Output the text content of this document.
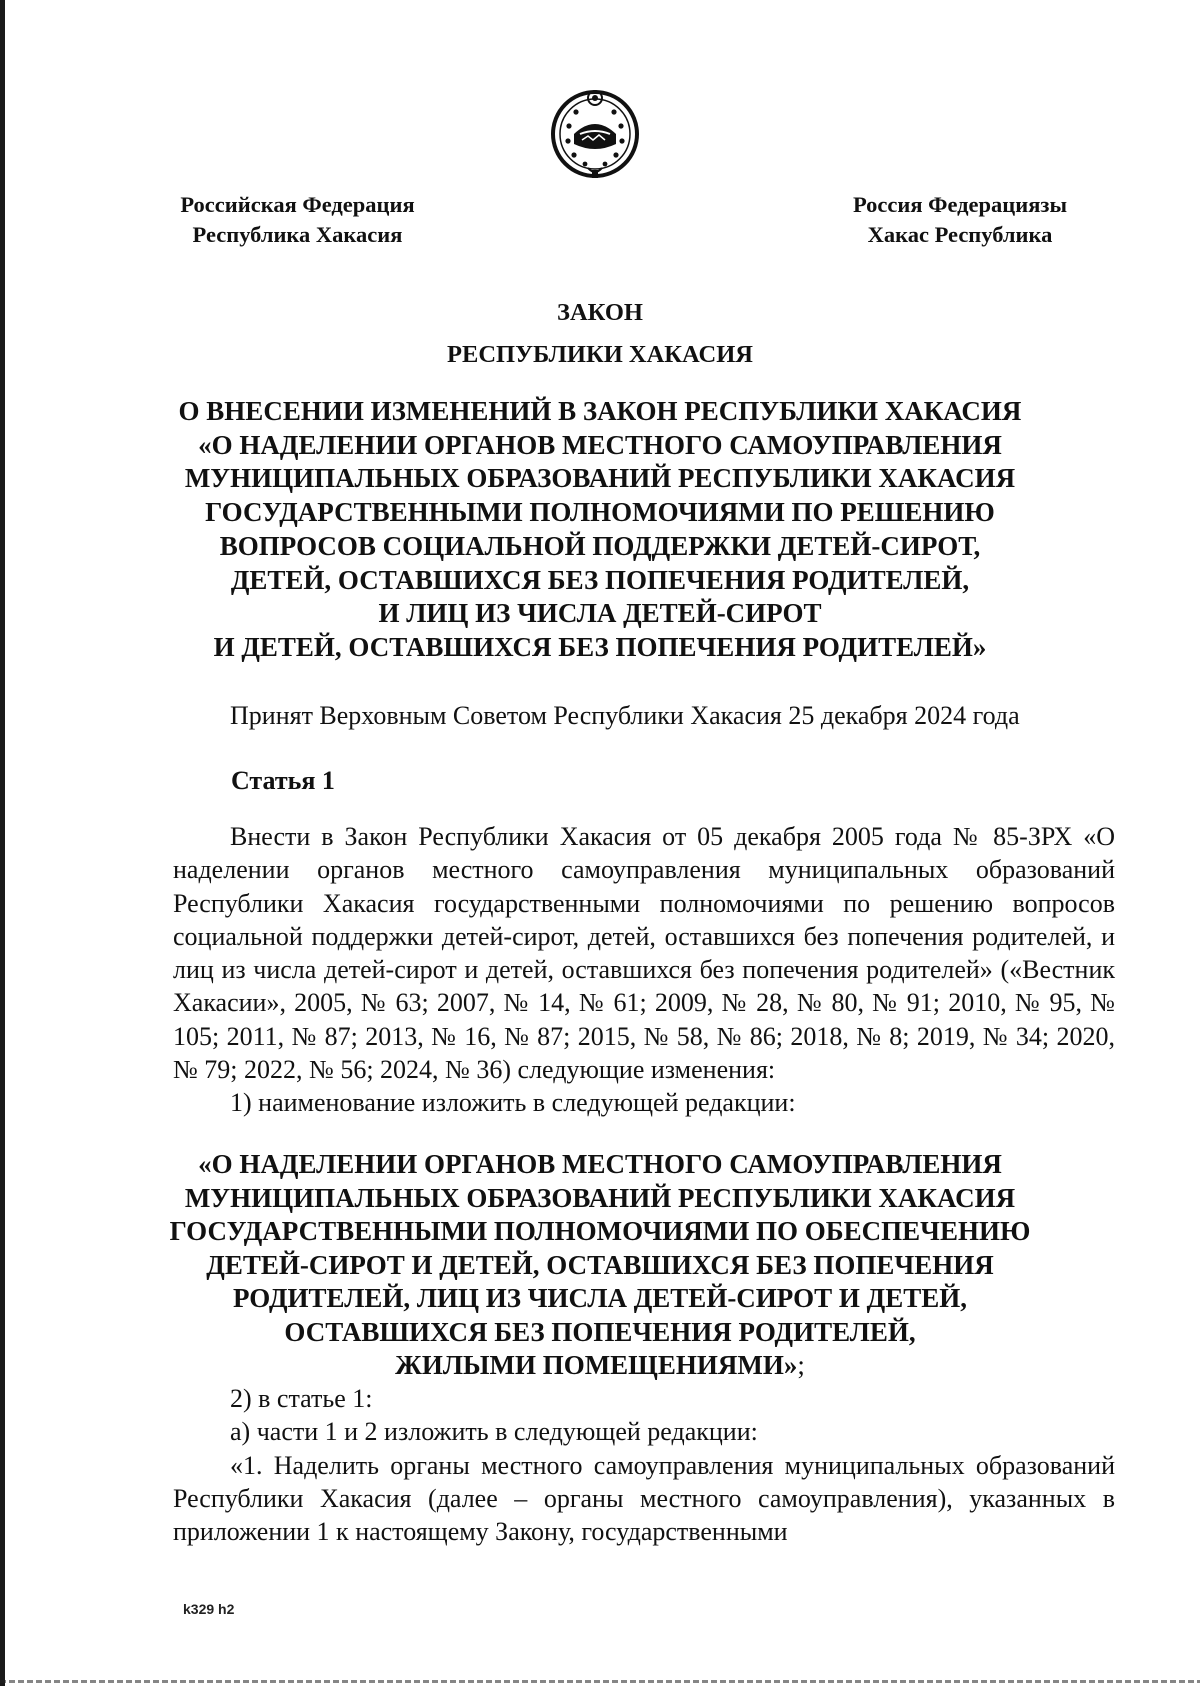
Российская Федерация
Республика Хакасия
Россия Федерациязы
Хакас Республика
ЗАКОН
РЕСПУБЛИКИ ХАКАСИЯ
О ВНЕСЕНИИ ИЗМЕНЕНИЙ В ЗАКОН РЕСПУБЛИКИ ХАКАСИЯ
«О НАДЕЛЕНИИ ОРГАНОВ МЕСТНОГО САМОУПРАВЛЕНИЯ
МУНИЦИПАЛЬНЫХ ОБРАЗОВАНИЙ РЕСПУБЛИКИ ХАКАСИЯ
ГОСУДАРСТВЕННЫМИ ПОЛНОМОЧИЯМИ ПО РЕШЕНИЮ
ВОПРОСОВ СОЦИАЛЬНОЙ ПОДДЕРЖКИ ДЕТЕЙ-СИРОТ,
ДЕТЕЙ, ОСТАВШИХСЯ БЕЗ ПОПЕЧЕНИЯ РОДИТЕЛЕЙ,
И ЛИЦ ИЗ ЧИСЛА ДЕТЕЙ-СИРОТ
И ДЕТЕЙ, ОСТАВШИХСЯ БЕЗ ПОПЕЧЕНИЯ РОДИТЕЛЕЙ»
Принят Верховным Советом Республики Хакасия 25 декабря 2024 года
Статья 1

Внести в Закон Республики Хакасия от 05 декабря 2005 года № 85-ЗРХ «О наделении органов местного самоуправления муниципальных образований Республики Хакасия государственными полномочиями по решению вопросов социальной поддержки детей-сирот, детей, оставшихся без попечения родителей, и лиц из числа детей-сирот и детей, оставшихся без попечения родителей» («Вестник Хакасии», 2005, № 63; 2007, № 14, № 61; 2009, № 28, № 80, № 91; 2010, № 95, № 105; 2011, № 87; 2013, № 16, № 87; 2015, № 58, № 86; 2018, № 8; 2019, № 34; 2020, № 79; 2022, № 56; 2024, № 36) следующие изменения:

1) наименование изложить в следующей редакции:

«О НАДЕЛЕНИИ ОРГАНОВ МЕСТНОГО САМОУПРАВЛЕНИЯ
МУНИЦИПАЛЬНЫХ ОБРАЗОВАНИЙ РЕСПУБЛИКИ ХАКАСИЯ
ГОСУДАРСТВЕННЫМИ ПОЛНОМОЧИЯМИ ПО ОБЕСПЕЧЕНИЮ
ДЕТЕЙ-СИРОТ И ДЕТЕЙ, ОСТАВШИХСЯ БЕЗ ПОПЕЧЕНИЯ
РОДИТЕЛЕЙ, ЛИЦ ИЗ ЧИСЛА ДЕТЕЙ-СИРОТ И ДЕТЕЙ,
ОСТАВШИХСЯ БЕЗ ПОПЕЧЕНИЯ РОДИТЕЛЕЙ,
ЖИЛЫМИ ПОМЕЩЕНИЯМИ»;

2) в статье 1:

а) части 1 и 2 изложить в следующей редакции:

«1. Наделить органы местного самоуправления муниципальных образований Республики Хакасия (далее – органы местного самоуправления), указанных в приложении 1 к настоящему Закону, государственными

k329 h2
